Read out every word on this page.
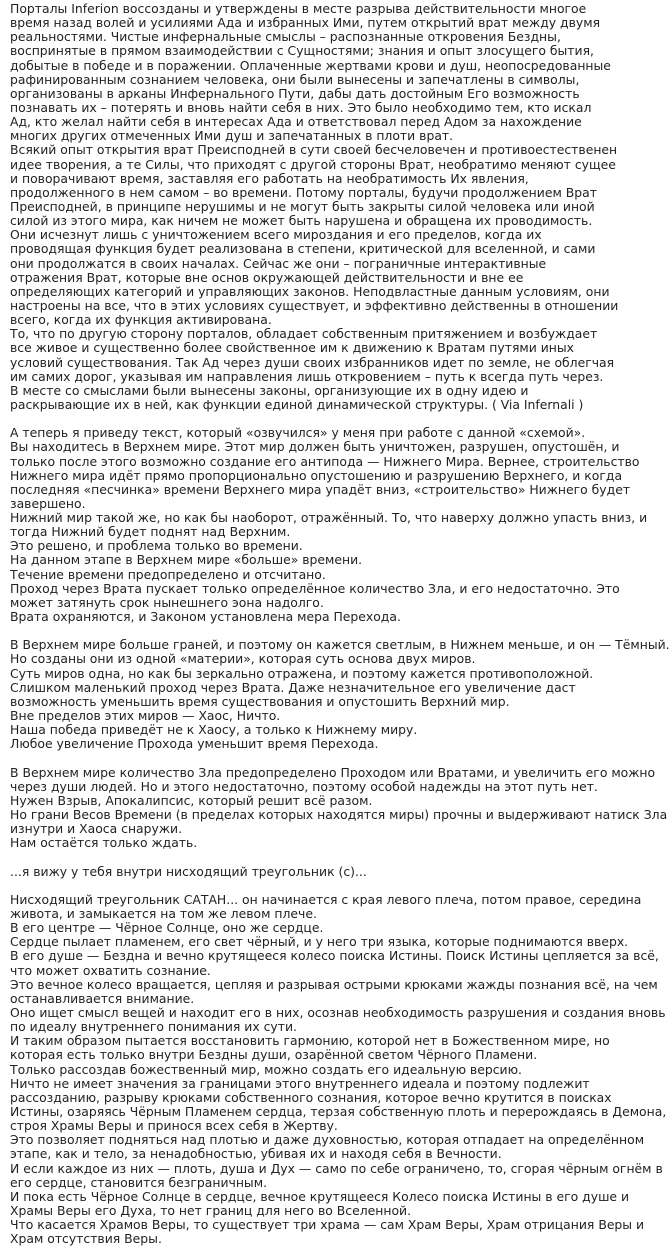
Порталы Inferion воссозданы и утверждены в месте разрыва действительности многое
время назад волей и усилиями Ада и избранных Ими, путем открытий врат между двумя
реальностями. Чистые инфернальные смыслы – распознанные откровения Бездны,
воспринятые в прямом взаимодействии с Сущностями; знания и опыт злосущего бытия,
добытые в победе и в поражении. Оплаченные жертвами крови и душ, неопосредованные
рафинированным сознанием человека, они были вынесены и запечатлены в символы,
организованы в арканы Инфернального Пути, дабы дать достойным Его возможность
познавать их – потерять и вновь найти себя в них. Это было необходимо тем, кто искал
Ад, кто желал найти себя в интересах Ада и ответствовал перед Адом за нахождение
многих других отмеченных Ими душ и запечатанных в плоти врат.
Всякий опыт открытия врат Преисподней в сути своей бесчеловечен и противоестественен
идее творения, а те Силы, что приходят с другой стороны Врат, необратимо меняют сущее
и поворачивают время, заставляя его работать на необратимость Их явления,
продолженного в нем самом – во времени. Потому порталы, будучи продолжением Врат
Преисподней, в принципе нерушимы и не могут быть закрыты силой человека или иной
силой из этого мира, как ничем не может быть нарушена и обращена их проводимость.
Они исчезнут лишь с уничтожением всего мироздания и его пределов, когда их
проводящая функция будет реализована в степени, критической для вселенной, и сами
они продолжатся в своих началах. Сейчас же они – пограничные интерактивные
отражения Врат, которые вне основ окружающей действительности и вне ее
определяющих категорий и управляющих законов. Неподвластные данным условиям, они
настроены на все, что в этих условиях существует, и эффективно действенны в отношении
всего, когда их функция активирована.
То, что по другую сторону порталов, обладает собственным притяжением и возбуждает
все живое и существенно более свойственное им к движению к Вратам путями иных
условий существования. Так Ад через души своих избранников идет по земле, не облегчая
им самих дорог, указывая им направления лишь откровением – путь к всегда путь через.
В месте со смыслами были вынесены законы, организующие их в одну идею и
раскрывающие их в ней, как функции единой динамической структуры. ( Via Infernali )
А теперь я приведу текст, который «озвучился» у меня при работе с данной «схемой».
Вы находитесь в Верхнем мире. Этот мир должен быть уничтожен, разрушен, опустошён, и
только после этого возможно создание его антипода — Нижнего Мира. Вернее, строительство
Нижнего мира идёт прямо пропорционально опустошению и разрушению Верхнего, и когда
последняя «песчинка» времени Верхнего мира упадёт вниз, «строительство» Нижнего будет
завершено.
Нижний мир такой же, но как бы наоборот, отражённый. То, что наверху должно упасть вниз, и
тогда Нижний будет поднят над Верхним.
Это решено, и проблема только во времени.
На данном этапе в Верхнем мире «больше» времени.
Течение времени предопределено и отсчитано.
Проход через Врата пускает только определённое количество Зла, и его недостаточно. Это
может затянуть срок нынешнего эона надолго.
Врата охраняются, и Законом установлена мера Перехода.
В Верхнем мире больше граней, и поэтому он кажется светлым, в Нижнем меньше, и он — Тёмный.
Но созданы они из одной «материи», которая суть основа двух миров.
Суть миров одна, но как бы зеркально отражена, и поэтому кажется противоположной.
Слишком маленький проход через Врата. Даже незначительное его увеличение даст
возможность уменьшить время существования и опустошить Верхний мир.
Вне пределов этих миров — Хаос, Ничто.
Наша победа приведёт не к Хаосу, а только к Нижнему миру.
Любое увеличение Прохода уменьшит время Перехода.
В Верхнем мире количество Зла предопределено Проходом или Вратами, и увеличить его можно
через души людей. Но и этого недостаточно, поэтому особой надежды на этот путь нет.
Нужен Взрыв, Апокалипсис, который решит всё разом.
Но грани Весов Времени (в пределах которых находятся миры) прочны и выдерживают натиск Зла
изнутри и Хаоса снаружи.
Нам остаётся только ждать.
...я вижу у тебя внутри нисходящий треугольник (с)...
Нисходящий треугольник САТАН... он начинается с края левого плеча, потом правое, середина
живота, и замыкается на том же левом плече.
В его центре — Чёрное Солнце, оно же сердце.
Сердце пылает пламенем, его свет чёрный, и у него три языка, которые поднимаются вверх.
В его душе — Бездна и вечно крутящееся колесо поиска Истины. Поиск Истины цепляется за всё,
что может охватить сознание.
Это вечное колесо вращается, цепляя и разрывая острыми крюками жажды познания всё, на чем
останавливается внимание.
Оно ищет смысл вещей и находит его в них, осознав необходимость разрушения и создания вновь
по идеалу внутреннего понимания их сути.
И таким образом пытается восстановить гармонию, которой нет в Божественном мире, но
которая есть только внутри Бездны души, озарённой светом Чёрного Пламени.
Только рассоздав божественный мир, можно создать его идеальную версию.
Ничто не имеет значения за границами этого внутреннего идеала и поэтому подлежит
рассозданию, разрыву крюками собственного сознания, которое вечно крутится в поисках
Истины, озаряясь Чёрным Пламенем сердца, терзая собственную плоть и перерождаясь в Демона,
строя Храмы Веры и принося всех себя в Жертву.
Это позволяет подняться над плотью и даже духовностью, которая отпадает на определённом
этапе, как и тело, за ненадобностью, убивая их и находя себя в Вечности.
И если каждое из них — плоть, душа и Дух — само по себе ограничено, то, сгорая чёрным огнём в
его сердце, становится безграничным.
И пока есть Чёрное Солнце в сердце, вечное крутящееся Колесо поиска Истины в его душе и
Храмы Веры его Духа, то нет границ для него во Вселенной.
Что касается Храмов Веры, то существует три храма — сам Храм Веры, Храм отрицания Веры и
Храм отсутствия Веры.
